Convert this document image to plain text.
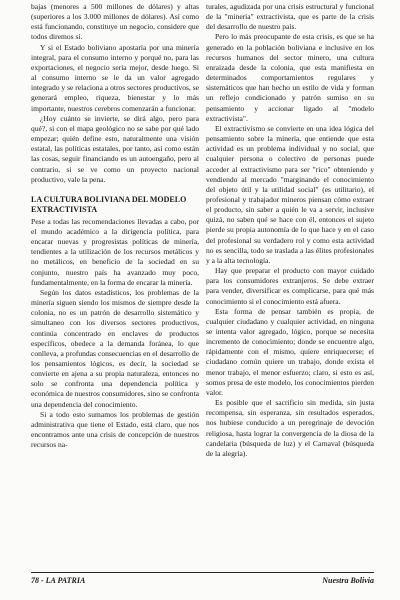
bajas (menores a 500 millones de dólares) y altas (superiores a los 3.000 millones de dólares). Así como está funcionando, constituye un negocio, considere que todos diremos sí.

Y si el Estado boliviano apostaría por una minería integral, para el consumo interno y porqué no, para las exportaciones, el negocio sería mejor, desde luego. Si al consumo interno se le da un valor agregado integrado y se relaciona a otros sectores productivos, se generará empleo, riqueza, bienestar y lo más importante, nuestros cerebros comenzarán a funcionar.

¿Hoy cuánto se invierte, se dirá algo, pero para qué?, si con el mapa geológico no se sabe por qué lado empezar; quién define esto, naturalmente una visión estatal, las políticas estatales, por tanto, así como están las cosas, seguir financiando es un autoengaño, pero al contrario, si se ve como un proyecto nacional productivo, vale la pena.

LA CULTURA BOLIVIANA DEL MODELO EXTRACTIVISTA

Pese a todas las recomendaciones llevadas a cabo, por el mundo académico a la dirigencia política, para encarar nuevas y progresistas políticas de minería, tendientes a la utilización de los recursos metálicos y no metálicos, en beneficio de la sociedad en su conjunto, nuestro país ha avanzado muy poco, fundamentalmente, en la forma de encarar la minería.

Según los datos estadísticos, los problemas de la minería siguen siendo los mismos de siempre desde la colonia, no es un patrón de desarrollo sistemático y simultaneo con los diversos sectores productivos, continúa concentrado en enclaves de productos específicos, obedece a la demanda foránea, lo que conlleva, a profundas consecuencias en el desarrollo de los pensamientos lógicos, es decir, la sociedad se convierte en ajena a su propia naturaleza, entonces no solo se confronta una dependencia política y económica de nuestros consumidores, sino se confronta una dependencia del conocimiento.

Si a todo esto sumamos los problemas de gestión administrativa que tiene el Estado, está claro, que nos encontramos ante una crisis de concepción de nuestros recursos na-

turales, agudizada por una crisis estructural y funcional de la "minería" extractivista, que es parte de la crisis del desarrollo de nuestro país.

Pero lo más preocupante de esta crisis, es que se ha generado en la población boliviana e inclusive en los recursos humanos del sector minero, una cultura enraizada desde la colonia, que esta manifiesta en determinados comportamientos regulares y sistemáticos que han hecho un estilo de vida y forman un reflejo condicionado y patrón sumiso en su pensamiento y accionar ligado al "modelo extractivista".

El extractivismo se convierte en una idea lógica del pensamiento sobre la minería, que entiende que esta actividad es un problema individual y no social, que cualquier persona o colectivo de personas puede acceder al extractivismo para ser "rico" obteniendo y vendiendo al mercado "marginando el conocimiento del objeto útil y la utilidad social" (es utilitario), el profesional y trabajador mineros piensan cómo extraer el producto, sin saber a quién le va a servir, inclusive quizá, no saben qué se hace con él, entonces el sujeto pierde su propia autonomía de lo que hace y en el caso del profesional su verdadero rol y como esta actividad no es sencilla, todo se traslada a las élites profesionales y a la alta tecnología.

Hay que preparar el producto con mayor cuidado para los consumidores extranjeros. Se debe extraer para vender, diversificar es complicarse, para qué más conocimiento si el conocimiento está afuera.

Esta forma de pensar también es propia, de cualquier ciudadano y cualquier actividad, en ninguna se intenta valor agregado, lógico, porque se necesita incremento de conocimiento; donde se encuentre algo, rápidamente con el mismo, quiere enriquecerse; el ciudadano común quiere un trabajo, donde exista el menor trabajo, el menor esfuerzo; claro, si esto es así, somos presa de este modelo, los conocimientos pierden valor.

Es posible que el sacrificio sin medida, sin justa recompensa, sin esperanza, sin resultados esperados, nos hubiese conducido a un peregrinaje de devoción religiosa, hasta lograr la convergencia de la diosa de la candelaria (búsqueda de luz) y el Carnaval (búsqueda de la alegría).

78 - LA PATRIA	Nuestra Bolivia
